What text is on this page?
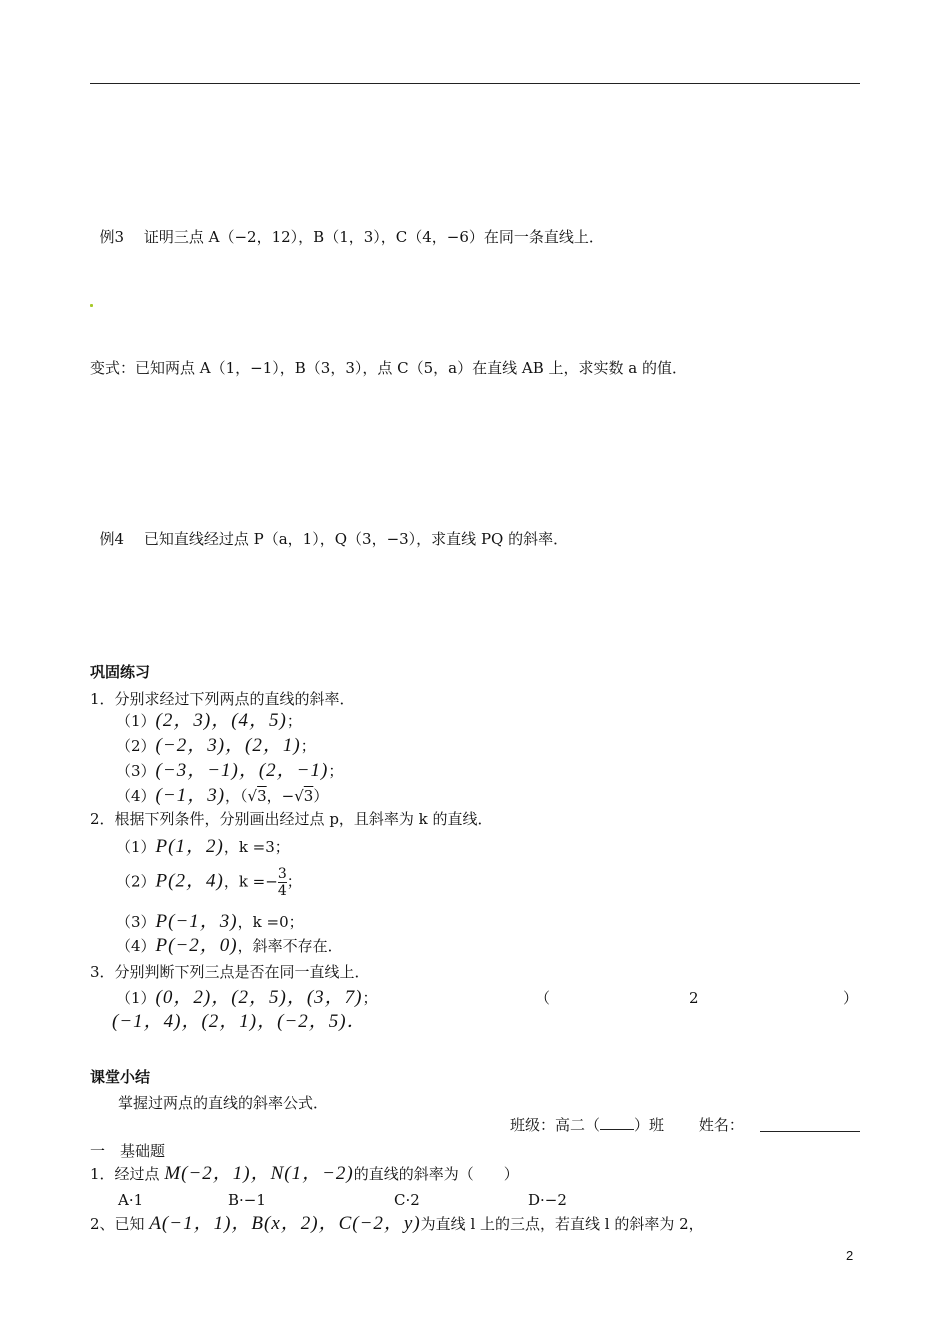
例3　 证明三点 A（−2，12），B（1，3），C（4，−6）在同一条直线上．

变式：已知两点 A（1，−1），B（3，3），点 C（5，a）在直线 AB 上，求实数 a 的值．

例4　 已知直线经过点 P（a，1），Q（3，−3），求直线 PQ 的斜率．

巩固练习
1．分别求经过下列两点的直线的斜率．
（1）(2，3)，(4，5)；
（2）(−2，3)，(2，1)；
（3）(−3，−1)，(2，−1)；
（4）(−1，3)，（√3，−√3）
2．根据下列条件，分别画出经过点 p，且斜率为 k 的直线．
（1）P(1，2)，k =3；
（2）P(2，4)，$k =- \frac{3}{4}$ ；
（3）P(−1，3)，k =0；
（4）P(−2，0)，斜率不存在．
3．分别判断下列三点是否在同一直线上．
（1）(0，2)，(2，5)，(3，7)；	（	2	）
(−1，4)，(2，1)，(−2，5)．
课堂小结
掌握过两点的直线的斜率公式．
班级：高二（ ）班　　 姓名：
一　基础题
1．经过点 M(−2，1)，N(1，−2)的直线的斜率为（　　）
A·1	B·−1	C·2	D·−2
2、已知 A(−1，1)，B(x，2)，C(−2，y)为直线 l 上的三点，若直线 l 的斜率为 2，
2
